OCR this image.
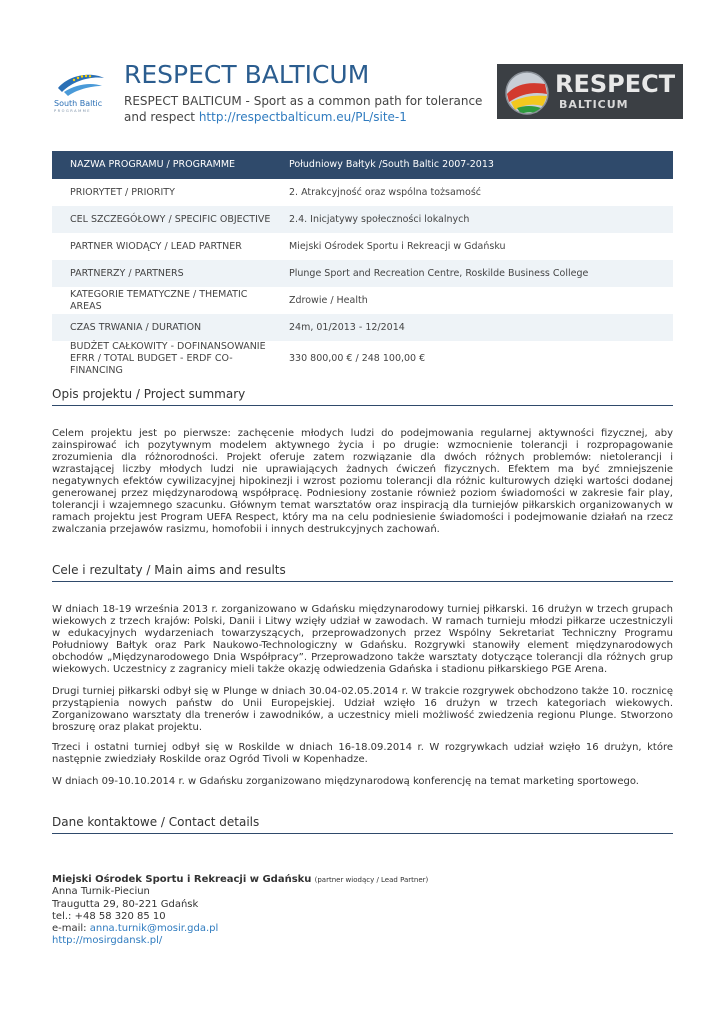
South Baltic
PROGRAMME
RESPECT BALTICUM
RESPECT BALTICUM - Sport as a common path for tolerance and respect http://respectbalticum.eu/PL/site-1
RESPECT
BALTICUM
NAZWA PROGRAMU / PROGRAMME	Południowy Bałtyk /South Baltic 2007-2013
PRIORYTET / PRIORITY	2. Atrakcyjność oraz wspólna tożsamość
CEL SZCZEGÓŁOWY / SPECIFIC OBJECTIVE	2.4. Inicjatywy społeczności lokalnych
PARTNER WIODĄCY / LEAD PARTNER	Miejski Ośrodek Sportu i Rekreacji w Gdańsku
PARTNERZY / PARTNERS	Plunge Sport and Recreation Centre, Roskilde Business College
KATEGORIE TEMATYCZNE / THEMATIC AREAS	Zdrowie / Health
CZAS TRWANIA / DURATION	24m, 01/2013 - 12/2014
BUDŻET CAŁKOWITY - DOFINANSOWANIE EFRR / TOTAL BUDGET - ERDF CO-FINANCING	330 800,00 € / 248 100,00 €
Opis projektu / Project summary

Celem projektu jest po pierwsze: zachęcenie młodych ludzi do podejmowania regularnej aktywności fizycznej, aby zainspirować ich pozytywnym modelem aktywnego życia i po drugie: wzmocnienie tolerancji i rozpropagowanie zrozumienia dla różnorodności. Projekt oferuje zatem rozwiązanie dla dwóch różnych problemów: nietolerancji i wzrastającej liczby młodych ludzi nie uprawiających żadnych ćwiczeń fizycznych. Efektem ma być zmniejszenie negatywnych efektów cywilizacyjnej hipokinezji i wzrost poziomu tolerancji dla różnic kulturowych dzięki wartości dodanej generowanej przez międzynarodową współpracę. Podniesiony zostanie również poziom świadomości w zakresie fair play, tolerancji i wzajemnego szacunku. Głównym temat warsztatów oraz inspiracją dla turniejów piłkarskich organizowanych w ramach projektu jest Program UEFA Respect, który ma na celu podniesienie świadomości i podejmowanie działań na rzecz zwalczania przejawów rasizmu, homofobii i innych destrukcyjnych zachowań.

Cele i rezultaty / Main aims and results

W dniach 18-19 września 2013 r. zorganizowano w Gdańsku międzynarodowy turniej piłkarski. 16 drużyn w trzech grupach wiekowych z trzech krajów: Polski, Danii i Litwy wzięły udział w zawodach. W ramach turnieju młodzi piłkarze uczestniczyli w edukacyjnych wydarzeniach towarzyszących, przeprowadzonych przez Wspólny Sekretariat Techniczny Programu Południowy Bałtyk oraz Park Naukowo-Technologiczny w Gdańsku. Rozgrywki stanowiły element międzynarodowych obchodów „Międzynarodowego Dnia Współpracy”. Przeprowadzono także warsztaty dotyczące tolerancji dla różnych grup wiekowych. Uczestnicy z zagranicy mieli także okazję odwiedzenia Gdańska i stadionu piłkarskiego PGE Arena.

Drugi turniej piłkarski odbył się w Plunge w dniach 30.04-02.05.2014 r. W trakcie rozgrywek obchodzono także 10. rocznicę przystąpienia nowych państw do Unii Europejskiej. Udział wzięło 16 drużyn w trzech kategoriach wiekowych. Zorganizowano warsztaty dla trenerów i zawodników, a uczestnicy mieli możliwość zwiedzenia regionu Plunge. Stworzono broszurę oraz plakat projektu.

Trzeci i ostatni turniej odbył się w Roskilde w dniach 16-18.09.2014 r. W rozgrywkach udział wzięło 16 drużyn, które następnie zwiedziały Roskilde oraz Ogród Tivoli w Kopenhadze.

W dniach 09-10.10.2014 r. w Gdańsku zorganizowano międzynarodową konferencję na temat marketing sportowego.

Dane kontaktowe / Contact details
Miejski Ośrodek Sportu i Rekreacji w Gdańsku (partner wiodący / Lead Partner)
Anna Turnik-Pieciun
Traugutta 29, 80-221 Gdańsk
tel.: +48 58 320 85 10
e-mail: anna.turnik@mosir.gda.pl
http://mosirgdansk.pl/
